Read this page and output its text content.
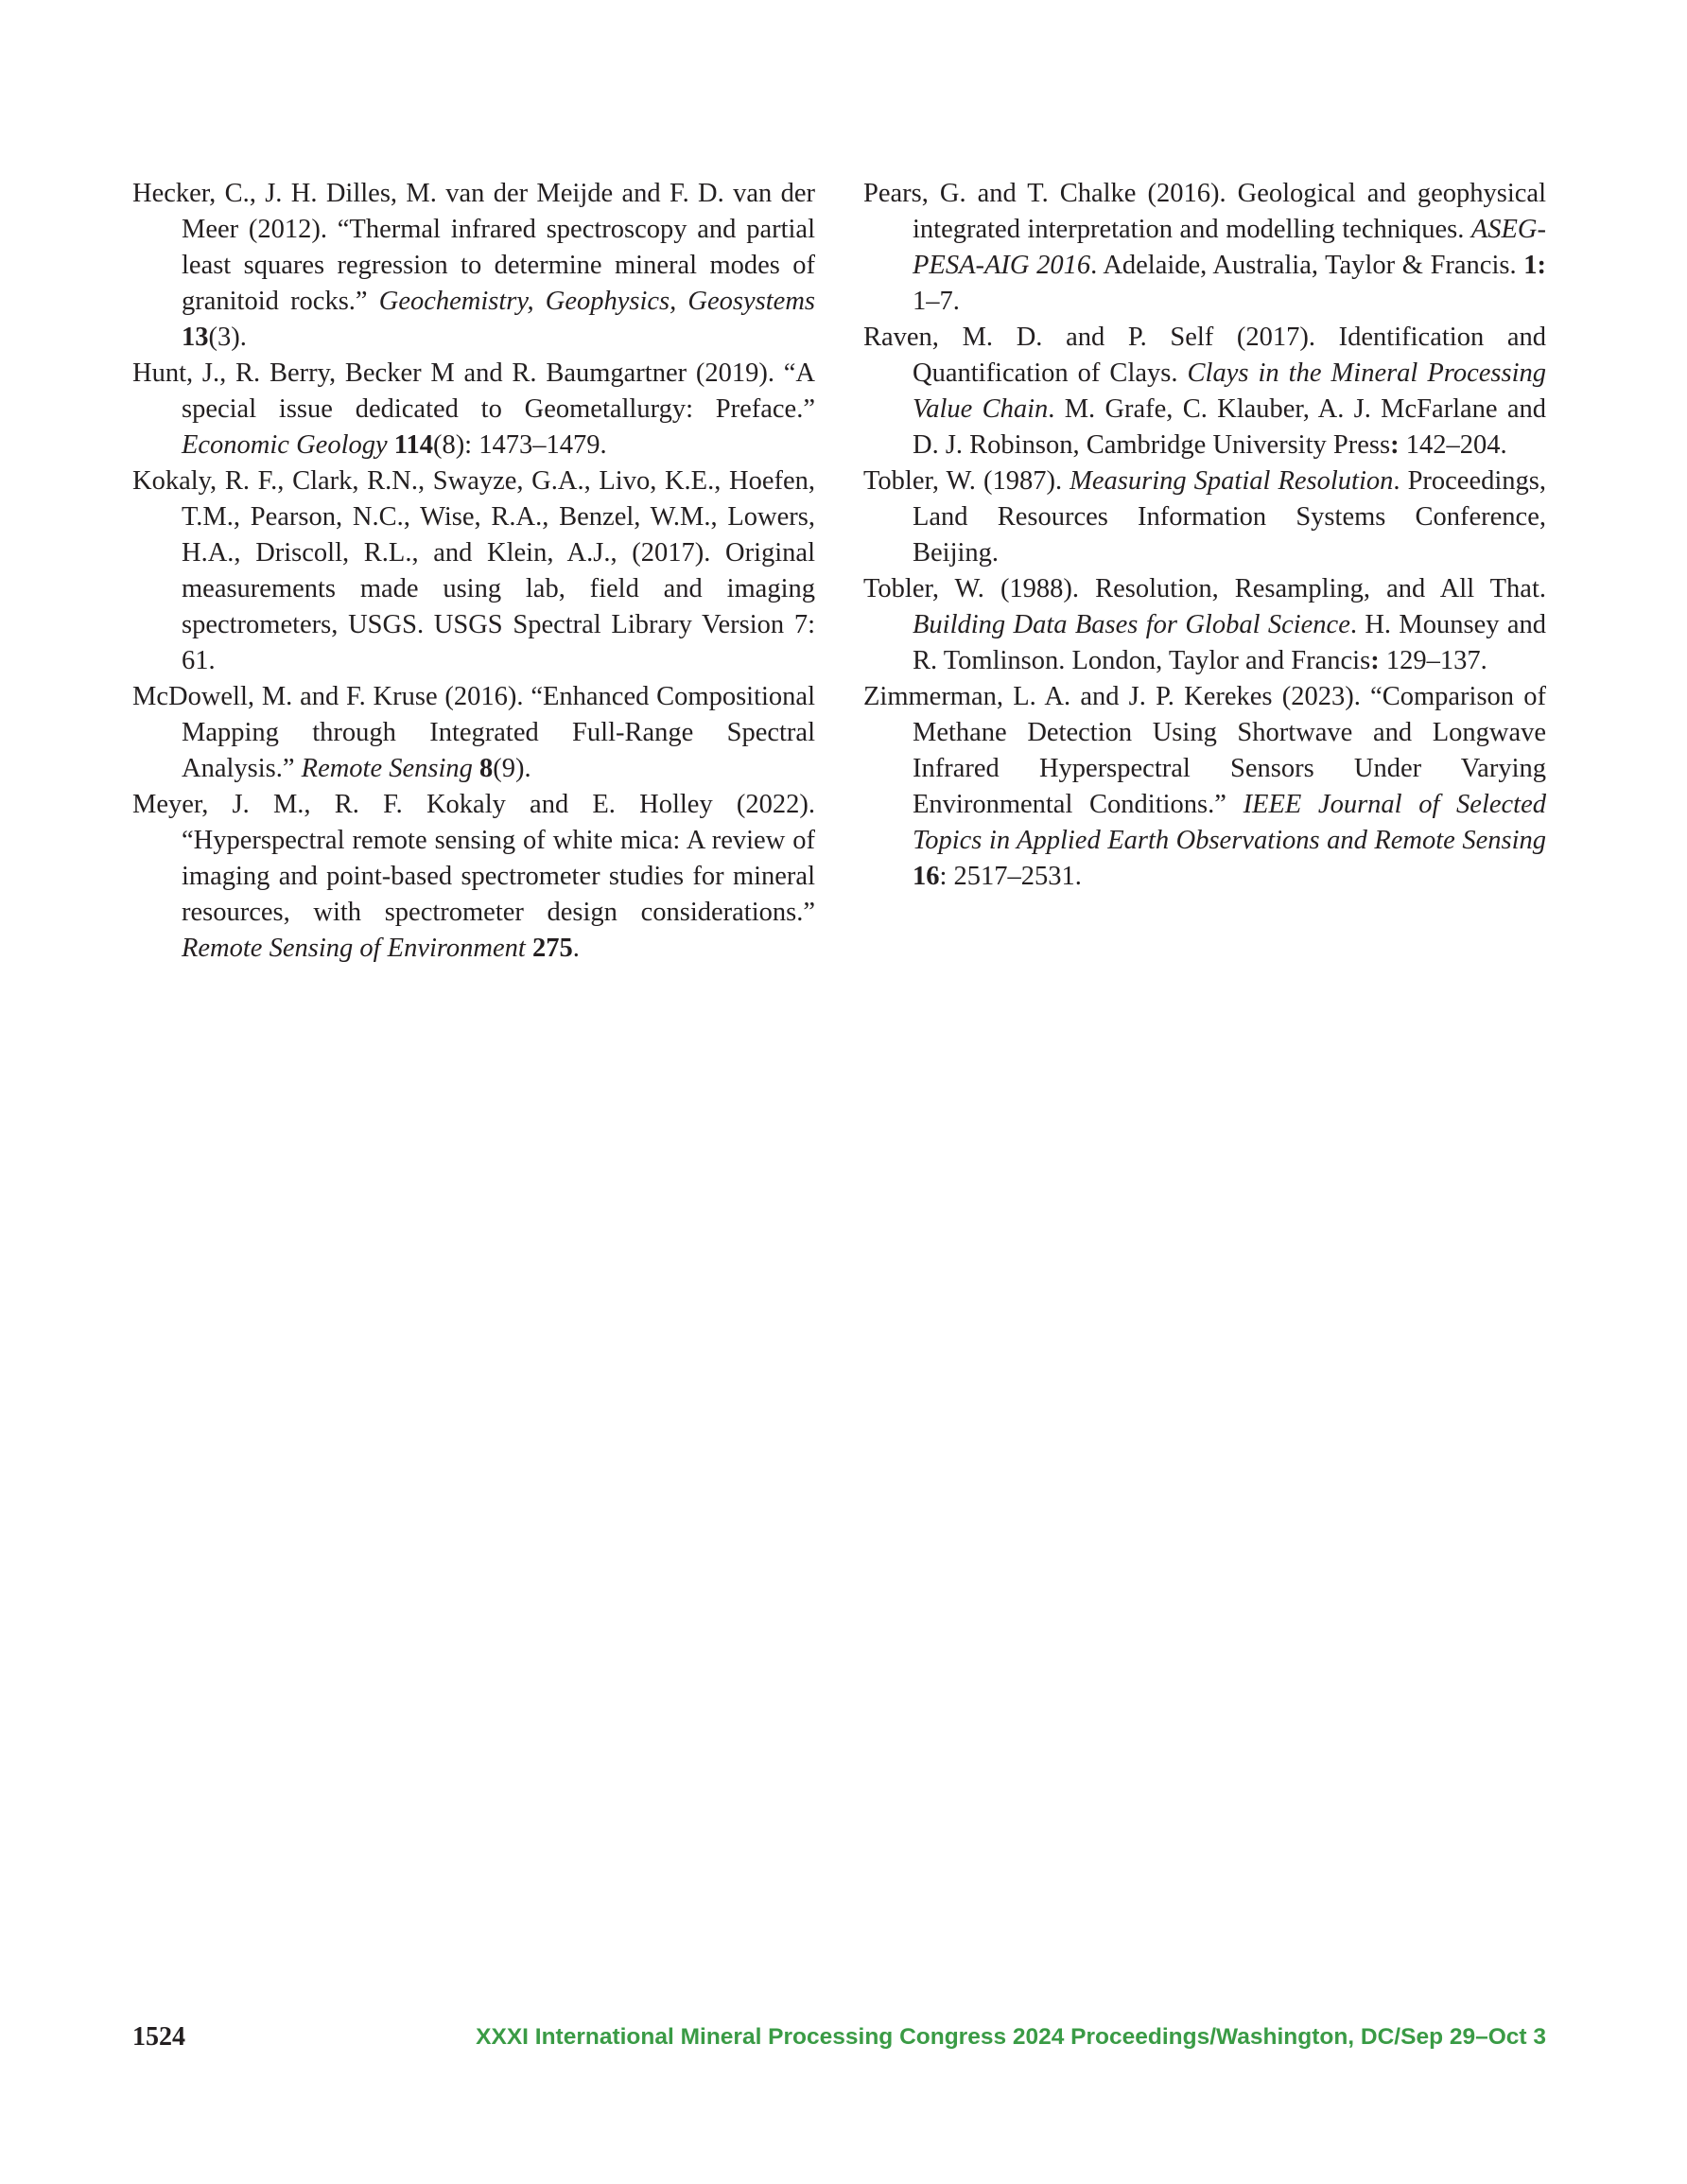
Hecker, C., J. H. Dilles, M. van der Meijde and F. D. van der Meer (2012). “Thermal infrared spectroscopy and partial least squares regression to determine mineral modes of granitoid rocks.” Geochemistry, Geophysics, Geosystems 13(3).

Hunt, J., R. Berry, Becker M and R. Baumgartner (2019). “A special issue dedicated to Geometallurgy: Preface.” Economic Geology 114(8): 1473–1479.

Kokaly, R. F., Clark, R.N., Swayze, G.A., Livo, K.E., Hoefen, T.M., Pearson, N.C., Wise, R.A., Benzel, W.M., Lowers, H.A., Driscoll, R.L., and Klein, A.J., (2017). Original measurements made using lab, field and imaging spectrometers, USGS. USGS Spectral Library Version 7: 61.

McDowell, M. and F. Kruse (2016). “Enhanced Compositional Mapping through Integrated Full-Range Spectral Analysis.” Remote Sensing 8(9).

Meyer, J. M., R. F. Kokaly and E. Holley (2022). “Hyperspectral remote sensing of white mica: A review of imaging and point-based spectrometer studies for mineral resources, with spectrometer design considerations.” Remote Sensing of Environment 275.

Pears, G. and T. Chalke (2016). Geological and geophysical integrated interpretation and modelling techniques. ASEG-PESA-AIG 2016. Adelaide, Australia, Taylor & Francis. 1: 1–7.

Raven, M. D. and P. Self (2017). Identification and Quantification of Clays. Clays in the Mineral Processing Value Chain. M. Grafe, C. Klauber, A. J. McFarlane and D. J. Robinson, Cambridge University Press: 142–204.

Tobler, W. (1987). Measuring Spatial Resolution. Proceedings, Land Resources Information Systems Conference, Beijing.

Tobler, W. (1988). Resolution, Resampling, and All That. Building Data Bases for Global Science. H. Mounsey and R. Tomlinson. London, Taylor and Francis: 129–137.

Zimmerman, L. A. and J. P. Kerekes (2023). “Comparison of Methane Detection Using Shortwave and Longwave Infrared Hyperspectral Sensors Under Varying Environmental Conditions.” IEEE Journal of Selected Topics in Applied Earth Observations and Remote Sensing 16: 2517–2531.

1524	XXXI International Mineral Processing Congress 2024 Proceedings/Washington, DC/Sep 29–Oct 3
